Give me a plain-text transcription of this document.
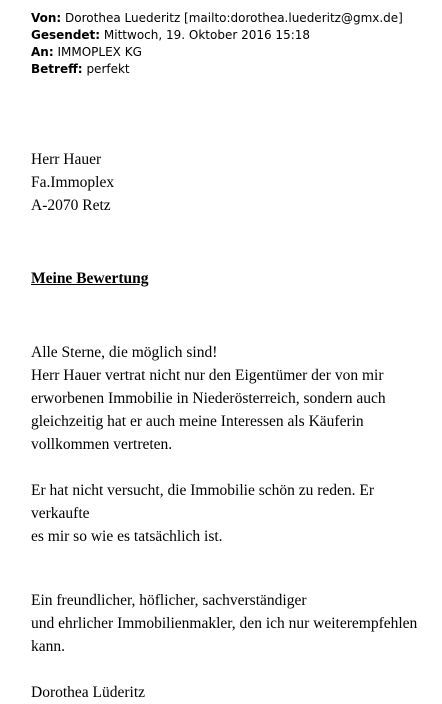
Von: Dorothea Luederitz [mailto:dorothea.luederitz@gmx.de]
Gesendet: Mittwoch, 19. Oktober 2016 15:18
An: IMMOPLEX KG
Betreff: perfekt

Herr Hauer

Fa.Immoplex

A-2070 Retz

Meine Bewertung

Alle Sterne, die möglich sind!

Herr Hauer vertrat nicht nur den Eigentümer der von mir

erworbenen Immobilie in Niederösterreich, sondern auch

gleichzeitig hat er auch meine Interessen als Käuferin

vollkommen vertreten.

Er hat nicht versucht, die Immobilie schön zu reden. Er verkaufte

es mir so wie es tatsächlich ist.

Ein freundlicher, höflicher, sachverständiger

und ehrlicher Immobilienmakler, den ich nur weiterempfehlen

kann.

Dorothea Lüderitz
